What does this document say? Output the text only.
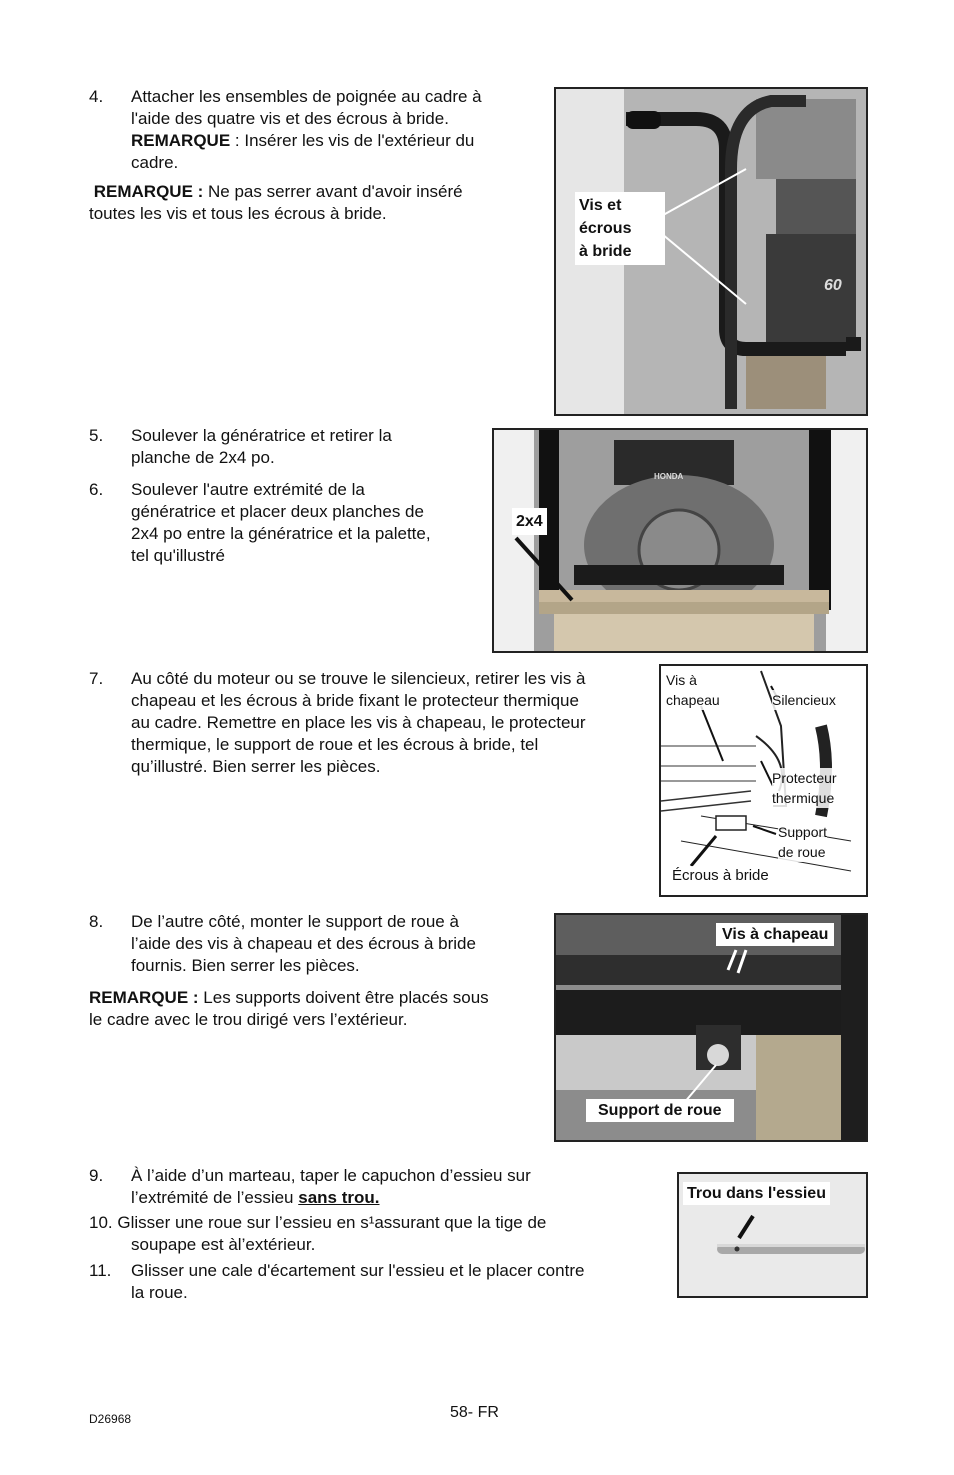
4. Attacher les ensembles de poignée au cadre à
l'aide des quatre vis et des écrous à bride.
REMARQUE : Insérer les vis de l'extérieur du
cadre.
REMARQUE : Ne pas serrer avant d'avoir inséré
toutes les vis et tous les écrous à bride.	Vis et
écrous
à bride
60
5. Soulever la génératrice et retirer la
planche de 2x4 po.
6. Soulever l'autre extrémité de la
génératrice et placer deux planches de
2x4 po entre la génératrice et la palette,
tel qu'illustré
2x4
HONDA
7. Au côté du moteur ou se trouve le silencieux, retirer les vis à
chapeau et les écrous à bride fixant le protecteur thermique
au cadre. Remettre en place les vis à chapeau, le protecteur
thermique, le support de roue et les écrous à bride, tel
qu’illustré. Bien serrer les pièces.
Vis à
chapeau	Silencieux
Protecteur
thermique
Support
de roue
Écrous à bride
8. De l’autre côté, monter le support de roue à
l’aide des vis à chapeau et des écrous à bride
fournis. Bien serrer les pièces.
REMARQUE : Les supports doivent être placés sous
le cadre avec le trou dirigé vers l’extérieur.
Vis à chapeau
Support de roue
9. À l’aide d’un marteau, taper le capuchon d’essieu sur
l’extrémité de l’essieu sans trou.
10. Glisser une roue sur l’essieu en s¹assurant que la tige de
soupape est àl’extérieur.
11. Glisser une cale d'écartement sur l'essieu et le placer contre
la roue.
Trou dans l'essieu
D26968	58- FR
